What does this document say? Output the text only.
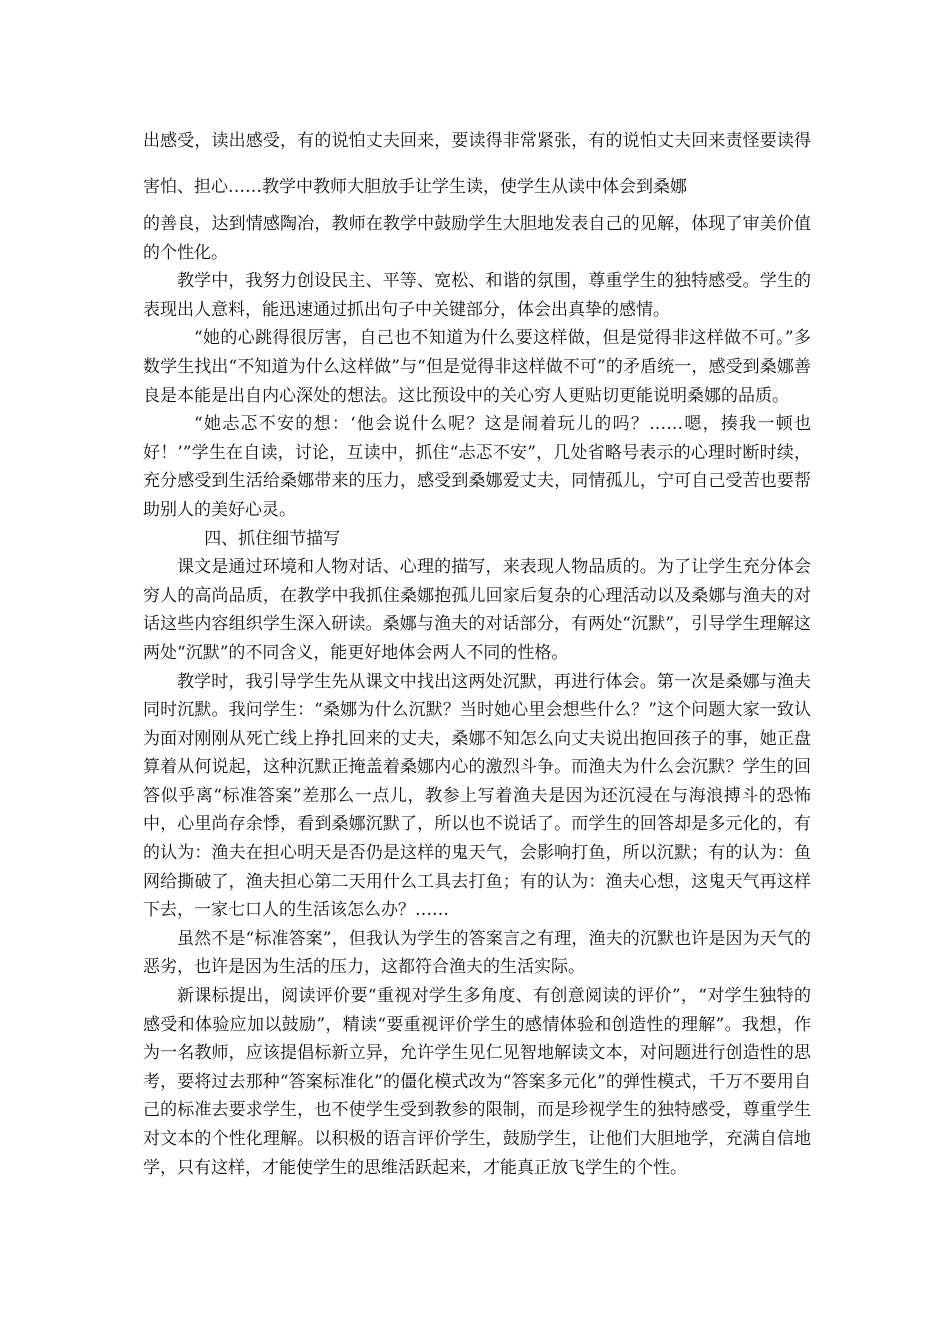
出感受，读出感受，有的说怕丈夫回来，要读得非常紧张，有的说怕丈夫回来责怪要读得害怕、担心……教学中教师大胆放手让学生读，使学生从读中体会到桑娜

的善良，达到情感陶冶，教师在教学中鼓励学生大胆地发表自己的见解，体现了审美价值的个性化。

教学中，我努力创设民主、平等、宽松、和谐的氛围，尊重学生的独特感受。学生的表现出人意料，能迅速通过抓出句子中关键部分，体会出真挚的感情。

“她的心跳得很厉害，自己也不知道为什么要这样做，但是觉得非这样做不可。”多数学生找出“不知道为什么这样做”与“但是觉得非这样做不可”的矛盾统一，感受到桑娜善良是本能是出自内心深处的想法。这比预设中的关心穷人更贴切更能说明桑娜的品质。

“她忐忑不安的想：‘他会说什么呢？这是闹着玩儿的吗？……嗯，揍我一顿也好！’”学生在自读，讨论，互读中，抓住“忐忑不安”，几处省略号表示的心理时断时续，充分感受到生活给桑娜带来的压力，感受到桑娜爱丈夫，同情孤儿，宁可自己受苦也要帮助别人的美好心灵。

四、抓住细节描写

课文是通过环境和人物对话、心理的描写，来表现人物品质的。为了让学生充分体会穷人的高尚品质，在教学中我抓住桑娜抱孤儿回家后复杂的心理活动以及桑娜与渔夫的对话这些内容组织学生深入研读。桑娜与渔夫的对话部分，有两处“沉默”，引导学生理解这两处“沉默”的不同含义，能更好地体会两人不同的性格。

教学时，我引导学生先从课文中找出这两处沉默，再进行体会。第一次是桑娜与渔夫同时沉默。我问学生：“桑娜为什么沉默？当时她心里会想些什么？”这个问题大家一致认为面对刚刚从死亡线上挣扎回来的丈夫，桑娜不知怎么向丈夫说出抱回孩子的事，她正盘算着从何说起，这种沉默正掩盖着桑娜内心的激烈斗争。而渔夫为什么会沉默？学生的回答似乎离“标准答案”差那么一点儿，教参上写着渔夫是因为还沉浸在与海浪搏斗的恐怖中，心里尚存余悸，看到桑娜沉默了，所以也不说话了。而学生的回答却是多元化的，有的认为：渔夫在担心明天是否仍是这样的鬼天气，会影响打鱼，所以沉默；有的认为：鱼网给撕破了，渔夫担心第二天用什么工具去打鱼；有的认为：渔夫心想，这鬼天气再这样下去，一家七口人的生活该怎么办？……

虽然不是“标准答案”，但我认为学生的答案言之有理，渔夫的沉默也许是因为天气的恶劣，也许是因为生活的压力，这都符合渔夫的生活实际。

新课标提出，阅读评价要“重视对学生多角度、有创意阅读的评价”，“对学生独特的感受和体验应加以鼓励”，精读“要重视评价学生的感情体验和创造性的理解”。我想，作为一名教师，应该提倡标新立异，允许学生见仁见智地解读文本，对问题进行创造性的思考，要将过去那种“答案标准化”的僵化模式改为“答案多元化”的弹性模式，千万不要用自己的标准去要求学生，也不使学生受到教参的限制，而是珍视学生的独特感受，尊重学生对文本的个性化理解。以积极的语言评价学生，鼓励学生，让他们大胆地学，充满自信地学，只有这样，才能使学生的思维活跃起来，才能真正放飞学生的个性。
